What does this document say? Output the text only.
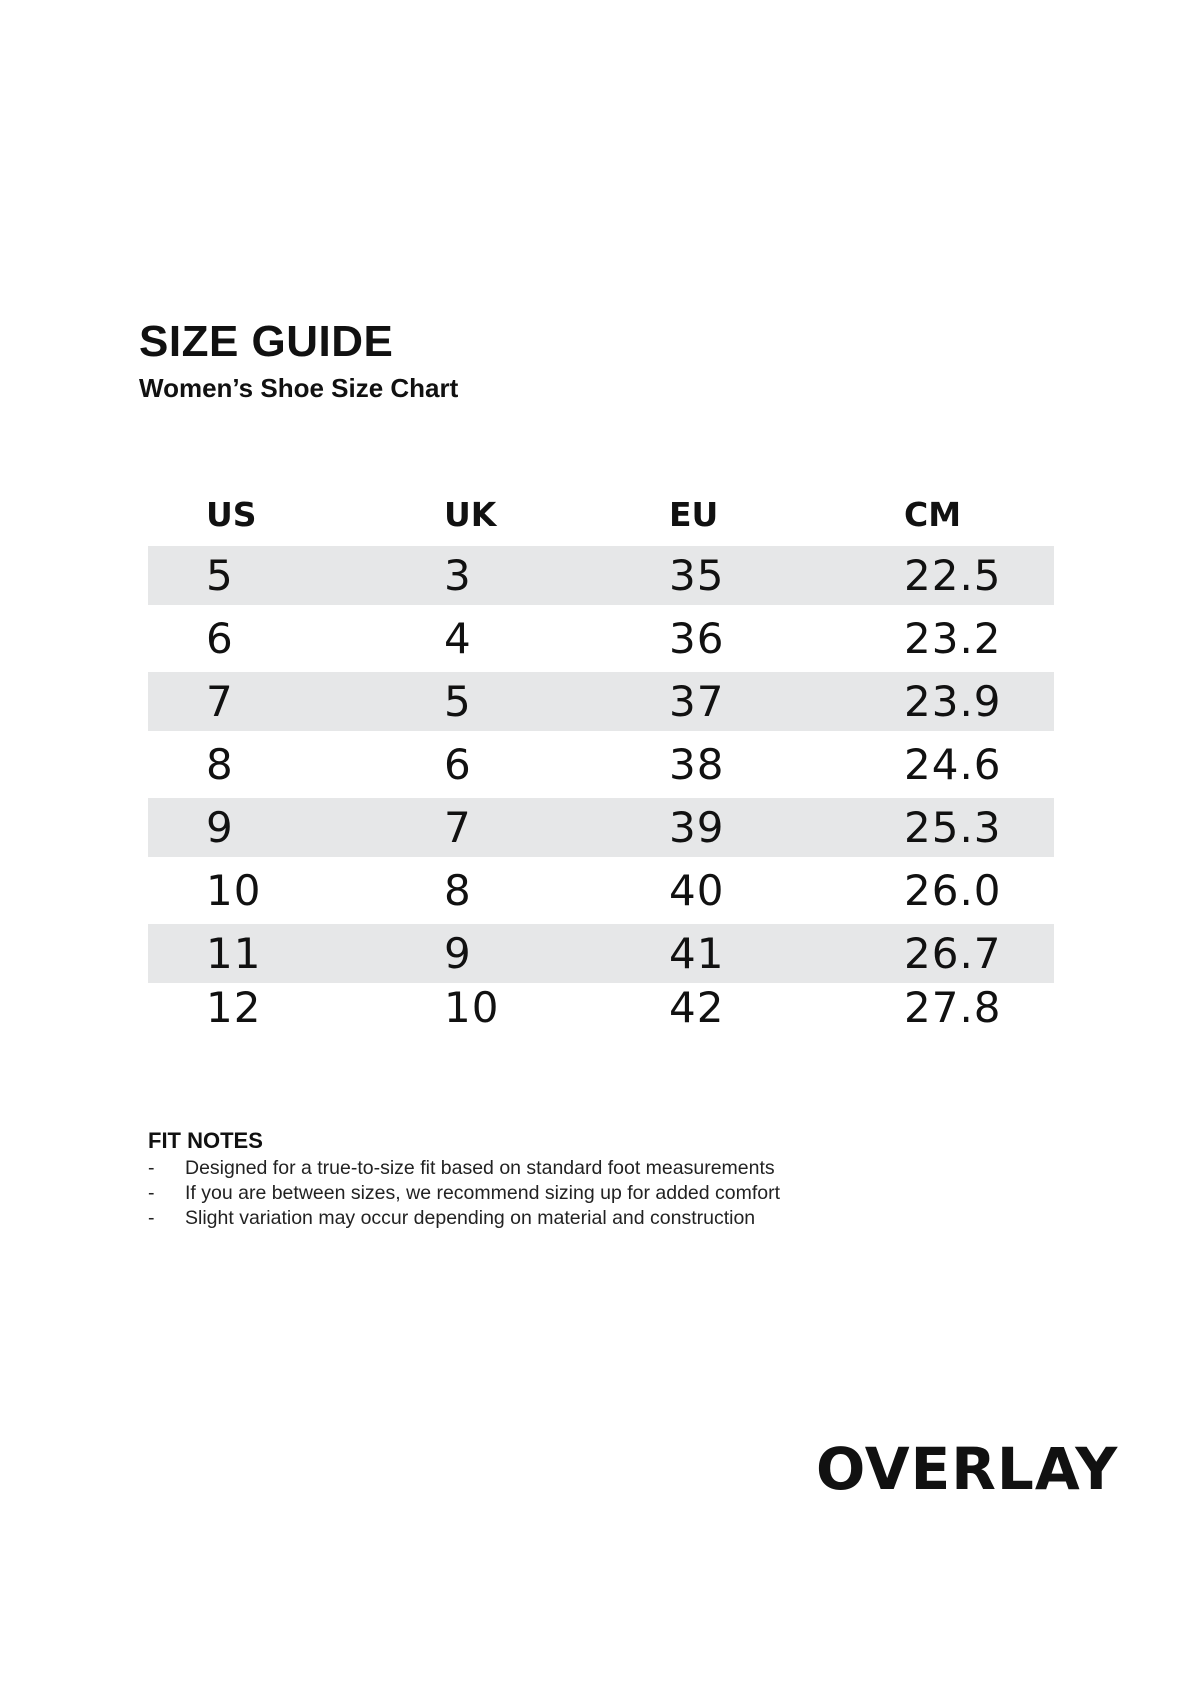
SIZE GUIDE
Women’s Shoe Size Chart
US	UK	EU	CM
5	3	35	22.5
6	4	36	23.2
7	5	37	23.9
8	6	38	24.6
9	7	39	25.3
10	8	40	26.0
11	9	41	26.7
12	10	42	27.8
FIT NOTES
- Designed for a true-to-size fit based on standard foot measurements
- If you are between sizes, we recommend sizing up for added comfort
- Slight variation may occur depending on material and construction
OVERLAY
